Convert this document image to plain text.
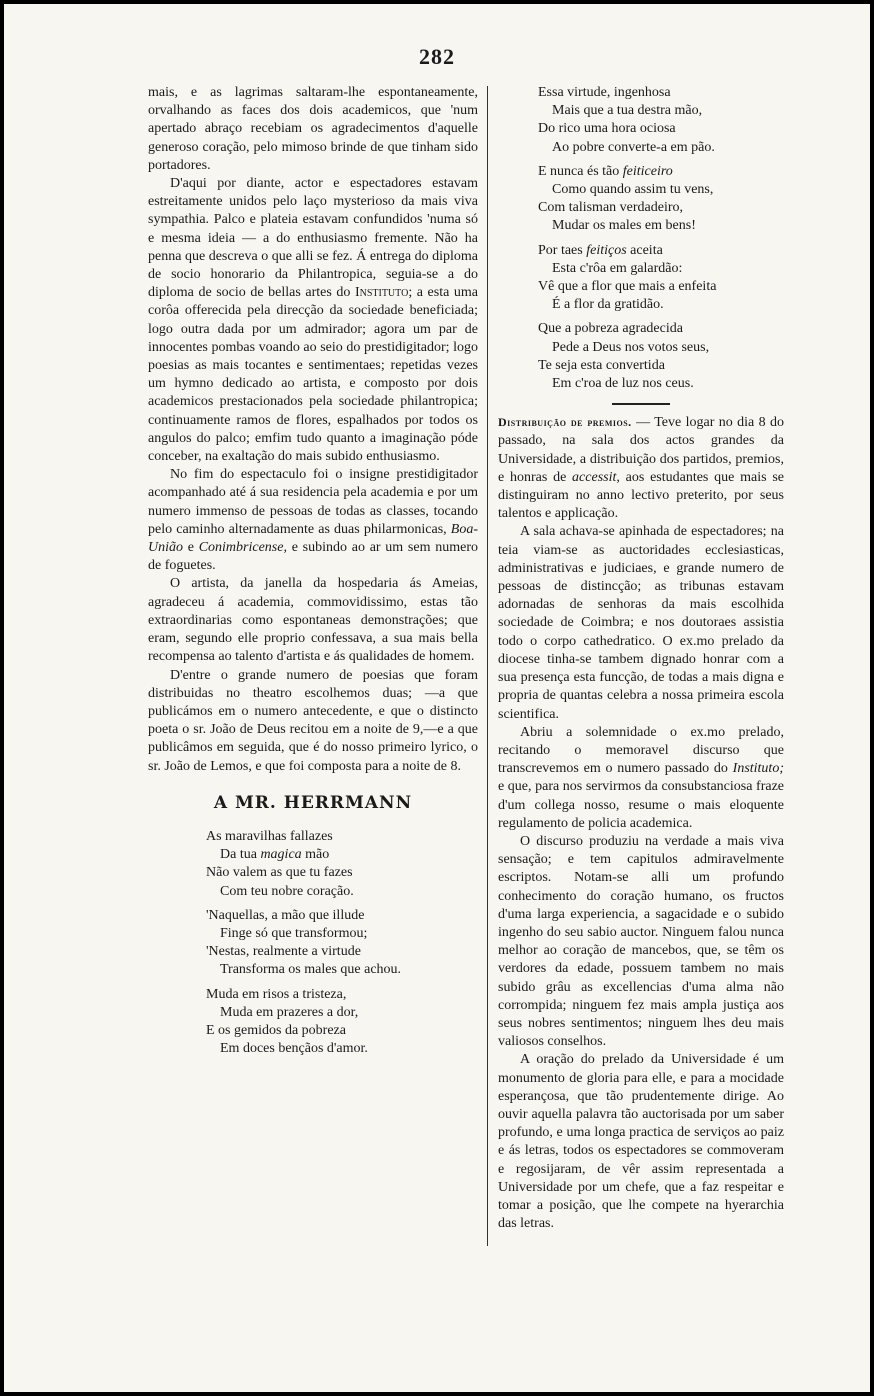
282

mais, e as lagrimas saltaram-lhe espontaneamente, orvalhando as faces dos dois academicos, que 'num apertado abraço recebiam os agradecimentos d'aquelle generoso coração, pelo mimoso brinde de que tinham sido portadores.

D'aqui por diante, actor e espectadores estavam estreitamente unidos pelo laço mysterioso da mais viva sympathia. Palco e plateia estavam confundidos 'numa só e mesma ideia — a do enthusiasmo fremente. Não ha penna que descreva o que alli se fez. Á entrega do diploma de socio honorario da Philantropica, seguia-se a do diploma de socio de bellas artes do Instituto; a esta uma corôa offerecida pela direcção da sociedade beneficiada; logo outra dada por um admirador; agora um par de innocentes pombas voando ao seio do prestidigitador; logo poesias as mais tocantes e sentimentaes; repetidas vezes um hymno dedicado ao artista, e composto por dois academicos prestacionados pela sociedade philantropica; continuamente ramos de flores, espalhados por todos os angulos do palco; emfim tudo quanto a imaginação póde conceber, na exaltação do mais subido enthusiasmo.

No fim do espectaculo foi o insigne prestidigitador acompanhado até á sua residencia pela academia e por um numero immenso de pessoas de todas as classes, tocando pelo caminho alternadamente as duas philarmonicas, Boa-União e Conimbricense, e subindo ao ar um sem numero de foguetes.

O artista, da janella da hospedaria ás Ameias, agradeceu á academia, commovidissimo, estas tão extraordinarias como espontaneas demonstrações; que eram, segundo elle proprio confessava, a sua mais bella recompensa ao talento d'artista e ás qualidades de homem.

D'entre o grande numero de poesias que foram distribuidas no theatro escolhemos duas; —a que publicámos em o numero antecedente, e que o distincto poeta o sr. João de Deus recitou em a noite de 9,—e a que publicâmos em seguida, que é do nosso primeiro lyrico, o sr. João de Lemos, e que foi composta para a noite de 8.

A MR. HERRMANN
As maravilhas fallazes
Da tua magica mão
Não valem as que tu fazes
Com teu nobre coração.
'Naquellas, a mão que illude
Finge só que transformou;
'Nestas, realmente a virtude
Transforma os males que achou.
Muda em risos a tristeza,
Muda em prazeres a dor,
E os gemidos da pobreza
Em doces bençãos d'amor.
Essa virtude, ingenhosa
Mais que a tua destra mão,
Do rico uma hora ociosa
Ao pobre converte-a em pão.
E nunca és tão feiticeiro
Como quando assim tu vens,
Com talisman verdadeiro,
Mudar os males em bens!
Por taes feitiços aceita
Esta c'rôa em galardão:
Vê que a flor que mais a enfeita
É a flor da gratidão.
Que a pobreza agradecida
Pede a Deus nos votos seus,
Te seja esta convertida
Em c'roa de luz nos ceus.

Distribuição de premios. — Teve logar no dia 8 do passado, na sala dos actos grandes da Universidade, a distribuição dos partidos, premios, e honras de accessit, aos estudantes que mais se distinguiram no anno lectivo preterito, por seus talentos e applicação.

A sala achava-se apinhada de espectadores; na teia viam-se as auctoridades ecclesiasticas, administrativas e judiciaes, e grande numero de pessoas de distincção; as tribunas estavam adornadas de senhoras da mais escolhida sociedade de Coimbra; e nos doutoraes assistia todo o corpo cathedratico. O ex.mo prelado da diocese tinha-se tambem dignado honrar com a sua presença esta funcção, de todas a mais digna e propria de quantas celebra a nossa primeira escola scientifica.

Abriu a solemnidade o ex.mo prelado, recitando o memoravel discurso que transcrevemos em o numero passado do Instituto; e que, para nos servirmos da consubstanciosa fraze d'um collega nosso, resume o mais eloquente regulamento de policia academica.

O discurso produziu na verdade a mais viva sensação; e tem capitulos admiravelmente escriptos. Notam-se alli um profundo conhecimento do coração humano, os fructos d'uma larga experiencia, a sagacidade e o subido ingenho do seu sabio auctor. Ninguem falou nunca melhor ao coração de mancebos, que, se têm os verdores da edade, possuem tambem no mais subido grâu as excellencias d'uma alma não corrompida; ninguem fez mais ampla justiça aos seus nobres sentimentos; ninguem lhes deu mais valiosos conselhos.

A oração do prelado da Universidade é um monumento de gloria para elle, e para a mocidade esperançosa, que tão prudentemente dirige. Ao ouvir aquella palavra tão auctorisada por um saber profundo, e uma longa practica de serviços ao paiz e ás letras, todos os espectadores se commoveram e regosijaram, de vêr assim representada a Universidade por um chefe, que a faz respeitar e tomar a posição, que lhe compete na hyerarchia das letras.
